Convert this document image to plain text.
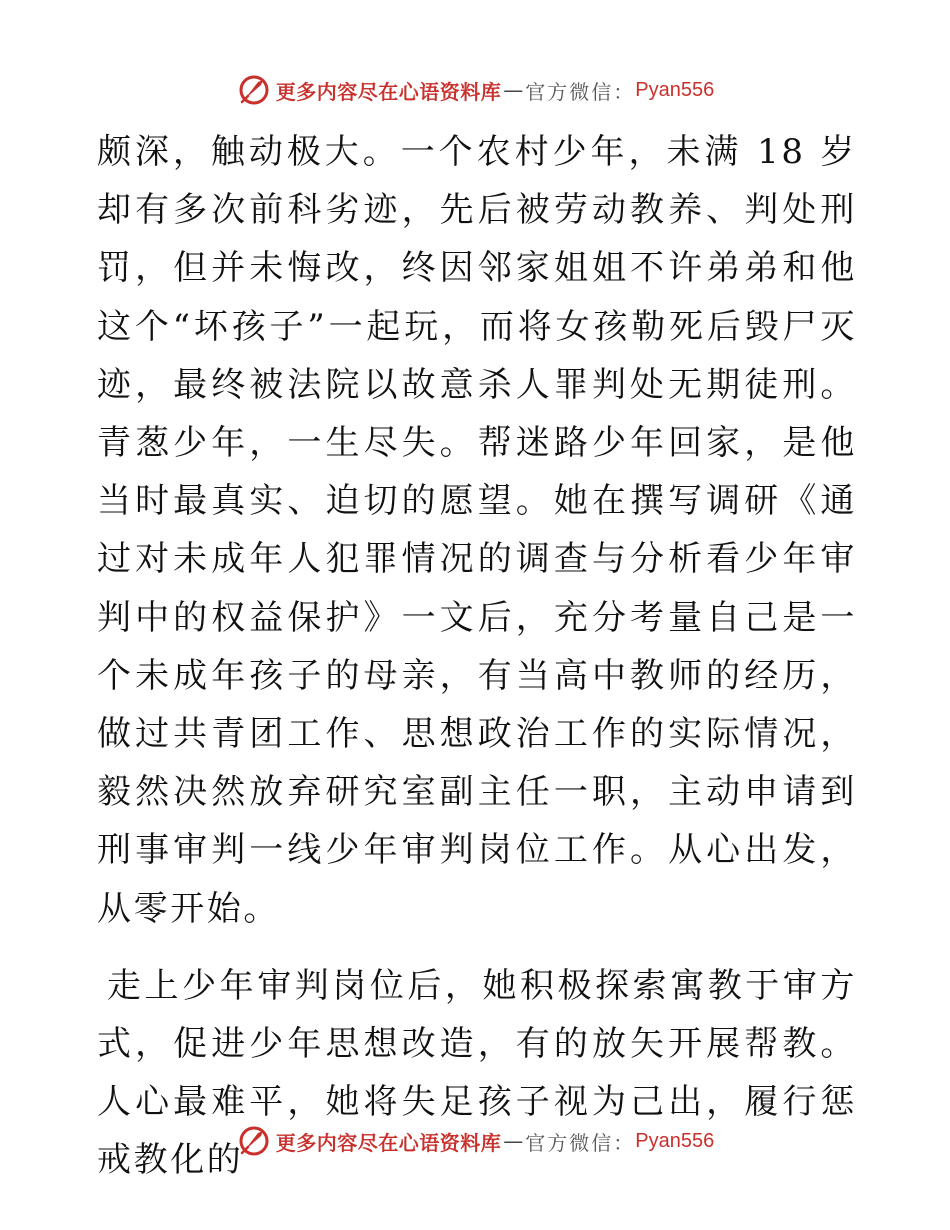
更多内容尽在心语资料库 — 官方微信： Pyan556

颇深，触动极大。一个农村少年，未满 18 岁却有多次前科劣迹，先后被劳动教养、判处刑罚，但并未悔改，终因邻家姐姐不许弟弟和他这个“坏孩子”一起玩，而将女孩勒死后毁尸灭迹，最终被法院以故意杀人罪判处无期徒刑。青葱少年，一生尽失。帮迷路少年回家，是他当时最真实、迫切的愿望。她在撰写调研《通过对未成年人犯罪情况的调查与分析看少年审判中的权益保护》一文后，充分考量自己是一个未成年孩子的母亲，有当高中教师的经历，做过共青团工作、思想政治工作的实际情况，毅然决然放弃研究室副主任一职，主动申请到刑事审判一线少年审判岗位工作。从心出发，从零开始。

走上少年审判岗位后，她积极探索寓教于审方式，促进少年思想改造，有的放矢开展帮教。人心最难平，她将失足孩子视为己出，履行惩戒教化的	更多内容尽在心语资料库 — 官方微信： Pyan556
